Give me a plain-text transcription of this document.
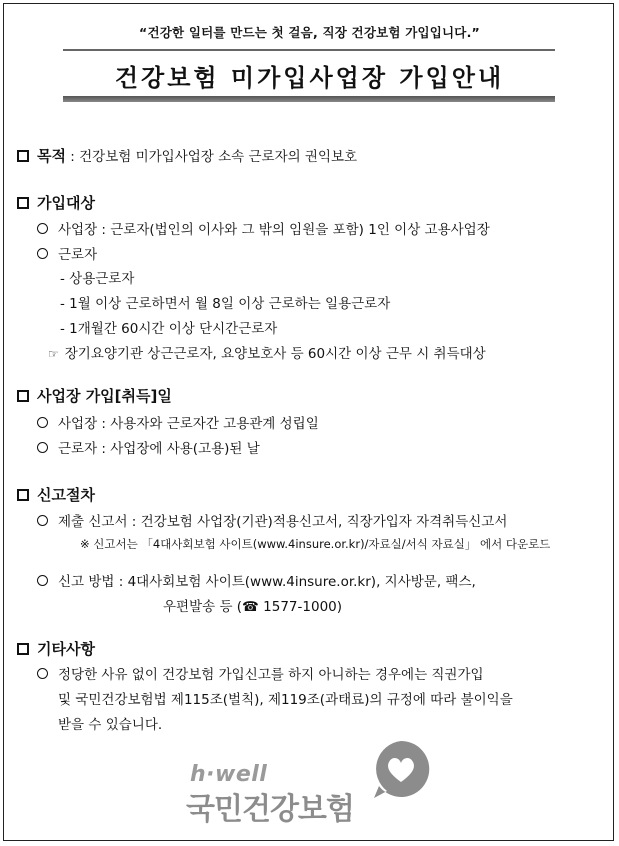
“건강한 일터를 만드는 첫 걸음, 직장 건강보험 가입입니다.”
건강보험 미가입사업장 가입안내
목적 : 건강보험 미가입사업장 소속 근로자의 권익보호
가입대상
사업장 : 근로자(법인의 이사와 그 밖의 임원을 포함) 1인 이상 고용사업장
근로자
- 상용근로자
- 1월 이상 근로하면서 월 8일 이상 근로하는 일용근로자
- 1개월간 60시간 이상 단시간근로자
☞ 장기요양기관 상근근로자, 요양보호사 등 60시간 이상 근무 시 취득대상
사업장 가입[취득]일
사업장 : 사용자와 근로자간 고용관계 성립일
근로자 : 사업장에 사용(고용)된 날
신고절차
제출 신고서 : 건강보험 사업장(기관)적용신고서, 직장가입자 자격취득신고서
※ 신고서는 「4대사회보험 사이트(www.4insure.or.kr)/자료실/서식 자료실」 에서 다운로드
신고 방법 : 4대사회보험 사이트(www.4insure.or.kr), 지사방문, 팩스,
우편발송 등 (☎ 1577-1000)
기타사항
정당한 사유 없이 건강보험 가입신고를 하지 아니하는 경우에는 직권가입
및 국민건강보험법 제115조(벌칙), 제119조(과태료)의 규정에 따라 불이익을
받을 수 있습니다.
h·well
국민건강보험
